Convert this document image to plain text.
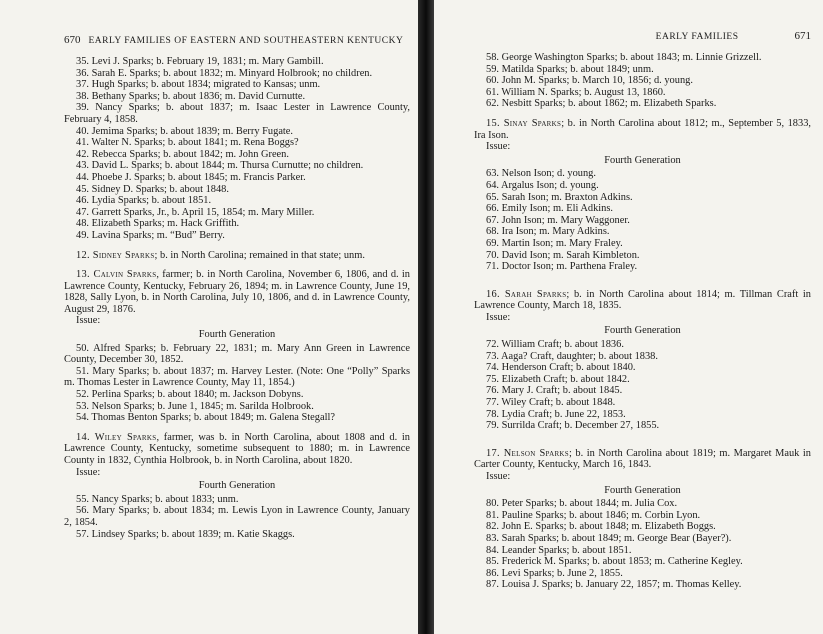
670 EARLY FAMILIES OF EASTERN AND SOUTHEASTERN KENTUCKY

35. Levi J. Sparks; b. February 19, 1831; m. Mary Gambill.

36. Sarah E. Sparks; b. about 1832; m. Minyard Holbrook; no children.

37. Hugh Sparks; b. about 1834; migrated to Kansas; unm.

38. Bethany Sparks; b. about 1836; m. David Curnutte.

39. Nancy Sparks; b. about 1837; m. Isaac Lester in Lawrence County, February 4, 1858.

40. Jemima Sparks; b. about 1839; m. Berry Fugate.

41. Walter N. Sparks; b. about 1841; m. Rena Boggs?

42. Rebecca Sparks; b. about 1842; m. John Green.

43. David L. Sparks; b. about 1844; m. Thursa Curnutte; no children.

44. Phoebe J. Sparks; b. about 1845; m. Francis Parker.

45. Sidney D. Sparks; b. about 1848.

46. Lydia Sparks; b. about 1851.

47. Garrett Sparks, Jr., b. April 15, 1854; m. Mary Miller.

48. Elizabeth Sparks; m. Hack Griffith.

49. Lavina Sparks; m. “Bud” Berry.

12. Sidney Sparks; b. in North Carolina; remained in that state; unm.

13. Calvin Sparks, farmer; b. in North Carolina, November 6, 1806, and d. in Lawrence County, Kentucky, February 26, 1894; m. in Lawrence County, June 19, 1828, Sally Lyon, b. in North Carolina, July 10, 1806, and d. in Lawrence County, August 29, 1876.

Issue:

Fourth Generation

50. Alfred Sparks; b. February 22, 1831; m. Mary Ann Green in Lawrence County, December 30, 1852.

51. Mary Sparks; b. about 1837; m. Harvey Lester. (Note: One “Polly” Sparks m. Thomas Lester in Lawrence County, May 11, 1854.)

52. Perlina Sparks; b. about 1840; m. Jackson Dobyns.

53. Nelson Sparks; b. June 1, 1845; m. Sarilda Holbrook.

54. Thomas Benton Sparks; b. about 1849; m. Galena Stegall?

14. Wiley Sparks, farmer, was b. in North Carolina, about 1808 and d. in Lawrence County, Kentucky, sometime subsequent to 1880; m. in Lawrence County in 1832, Cynthia Holbrook, b. in North Carolina, about 1820.

Issue:

Fourth Generation

55. Nancy Sparks; b. about 1833; unm.

56. Mary Sparks; b. about 1834; m. Lewis Lyon in Lawrence County, January 2, 1854.

57. Lindsey Sparks; b. about 1839; m. Katie Skaggs.

EARLY FAMILIES	671

58. George Washington Sparks; b. about 1843; m. Linnie Grizzell.

59. Matilda Sparks; b. about 1849; unm.

60. John M. Sparks; b. March 10, 1856; d. young.

61. William N. Sparks; b. August 13, 1860.

62. Nesbitt Sparks; b. about 1862; m. Elizabeth Sparks.

15. Sinay Sparks; b. in North Carolina about 1812; m., September 5, 1833, Ira Ison.

Issue:

Fourth Generation

63. Nelson Ison; d. young.

64. Argalus Ison; d. young.

65. Sarah Ison; m. Braxton Adkins.

66. Emily Ison; m. Eli Adkins.

67. John Ison; m. Mary Waggoner.

68. Ira Ison; m. Mary Adkins.

69. Martin Ison; m. Mary Fraley.

70. David Ison; m. Sarah Kimbleton.

71. Doctor Ison; m. Parthena Fraley.

16. Sarah Sparks; b. in North Carolina about 1814; m. Tillman Craft in Lawrence County, March 18, 1835.

Issue:

Fourth Generation

72. William Craft; b. about 1836.

73. Aaga? Craft, daughter; b. about 1838.

74. Henderson Craft; b. about 1840.

75. Elizabeth Craft; b. about 1842.

76. Mary J. Craft; b. about 1845.

77. Wiley Craft; b. about 1848.

78. Lydia Craft; b. June 22, 1853.

79. Surrilda Craft; b. December 27, 1855.

17. Nelson Sparks; b. in North Carolina about 1819; m. Margaret Mauk in Carter County, Kentucky, March 16, 1843.

Issue:

Fourth Generation

80. Peter Sparks; b. about 1844; m. Julia Cox.

81. Pauline Sparks; b. about 1846; m. Corbin Lyon.

82. John E. Sparks; b. about 1848; m. Elizabeth Boggs.

83. Sarah Sparks; b. about 1849; m. George Bear (Bayer?).

84. Leander Sparks; b. about 1851.

85. Frederick M. Sparks; b. about 1853; m. Catherine Kegley.

86. Levi Sparks; b. June 2, 1855.

87. Louisa J. Sparks; b. January 22, 1857; m. Thomas Kelley.
